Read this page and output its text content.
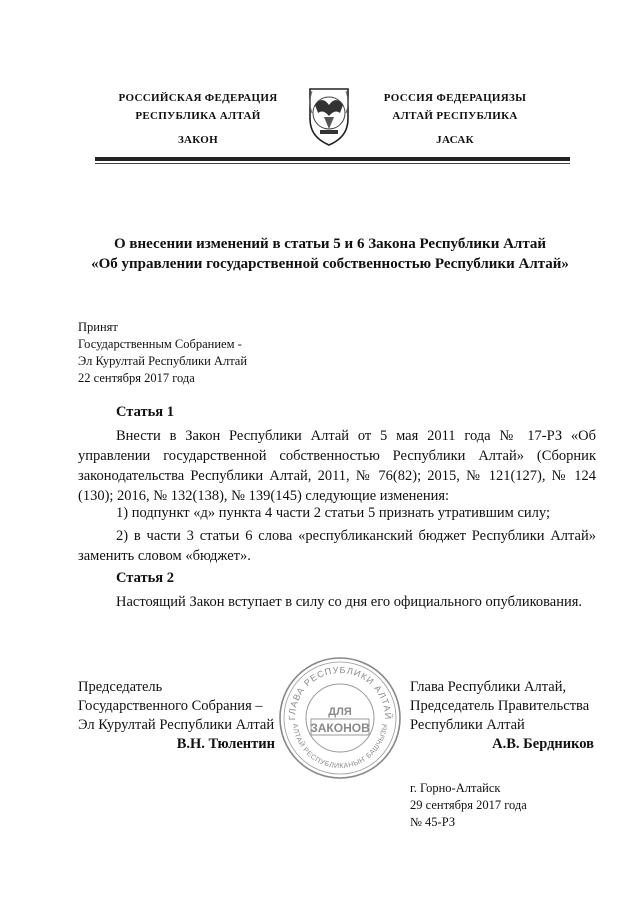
РОССИЙСКАЯ ФЕДЕРАЦИЯ
РЕСПУБЛИКА АЛТАЙ
ЗАКОН
РОССИЯ ФЕДЕРАЦИЯЗЫ
АЛТАЙ РЕСПУБЛИКА
JАСАК
О внесении изменений в статьи 5 и 6 Закона Республики Алтай
«Об управлении государственной собственностью Республики Алтай»
Принят
Государственным Собранием -
Эл Курултай Республики Алтай
22 сентября 2017 года
Статья 1
Внести в Закон Республики Алтай от 5 мая 2011 года № 17-РЗ «Об управлении государственной собственностью Республики Алтай» (Сборник законодательства Республики Алтай, 2011, № 76(82); 2015, № 121(127), № 124 (130); 2016, № 132(138), № 139(145) следующие изменения:
1) подпункт «д» пункта 4 части 2 статьи 5 признать утратившим силу;
2) в части 3 статьи 6 слова «республиканский бюджет Республики Алтай» заменить словом «бюджет».
Статья 2
Настоящий Закон вступает в силу со дня его официального опубликования.
Председатель
Государственного Собрания –
Эл Курултай Республики Алтай
В.Н. Тюлентин
ГЛАВА РЕСПУБЛИКИ АЛТАЙ
АЛТАЙ РЕСПУБЛИКАНЫҤ БАШЧЫЗЫ
ДЛЯ
ЗАКОНОВ
Глава Республики Алтай,
Председатель Правительства
Республики Алтай
А.В. Бердников
г. Горно-Алтайск
29 сентября 2017 года
№ 45-РЗ
